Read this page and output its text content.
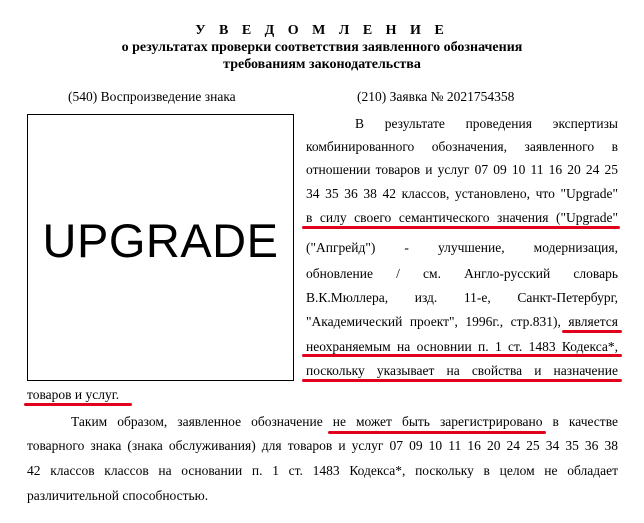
У В Е Д О М Л Е Н И Е
о результатах проверки соответствия заявленного обозначения
требованиям законодательства
(540) Воспроизведение знака	(210) Заявка № 2021754358
UPGRADE
В результате проведения экспертизы
комбинированного обозначения, заявленного в
отношении товаров и услуг 07 09 10 11 16 20 24 25
34 35 36 38 42 классов, установлено, что "Upgrade"
в силу своего семантического значения ("Upgrade"
("Апгрейд") - улучшение, модернизация,
обновление / см. Англо-русский словарь
В.К.Мюллера, изд. 11-е, Санкт-Петербург,
"Академический проект", 1996г., стр.831), является
неохраняемым на основнии п. 1 ст. 1483 Кодекса*,
поскольку указывает на свойства и назначение
товаров и услуг.
Таким образом, заявленное обозначение не может быть зарегистрировано в качестве
товарного знака (знака обслуживания) для товаров и услуг 07 09 10 11 16 20 24 25 34 35 36 38
42 классов классов на основании п. 1 ст. 1483 Кодекса*, поскольку в целом не обладает
различительной способностью.
